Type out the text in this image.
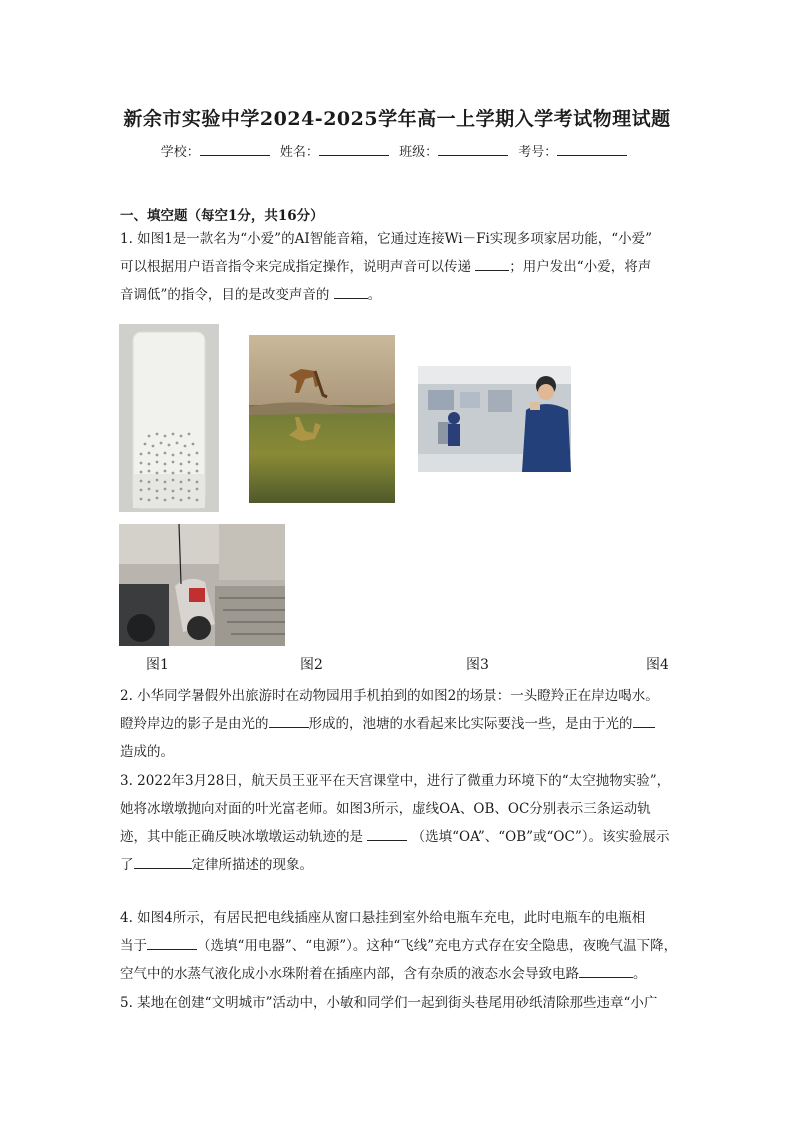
新余市实验中学2024-2025学年高一上学期入学考试物理试题
学校：	姓名：	班级：	考号：
一、填空题（每空1分，共16分）
1. 如图1是一款名为“小爱”的AI智能音箱，它通过连接Wi－Fi实现多项家居功能，“小爱”
可以根据用户语音指令来完成指定操作，说明声音可以传递	；用户发出“小爱，将声
音调低”的指令，目的是改变声音的	。
图1	图2	图3	图4
2. 小华同学暑假外出旅游时在动物园用手机拍到的如图2的场景：一头瞪羚正在岸边喝水。
瞪羚岸边的影子是由光的	形成的，池塘的水看起来比实际要浅一些，是由于光的
造成的。
3. 2022年3月28日，航天员王亚平在天宫课堂中，进行了微重力环境下的“太空抛物实验”，
她将冰墩墩抛向对面的叶光富老师。如图3所示，虚线OA、OB、OC分别表示三条运动轨
迹，其中能正确反映冰墩墩运动轨迹的是	（选填“OA”、“OB”或“OC”）。该实验展示
了	定律所描述的现象。
4. 如图4所示，有居民把电线插座从窗口悬挂到室外给电瓶车充电，此时电瓶车的电瓶相
当于	（选填“用电器”、“电源”）。这种“飞线”充电方式存在安全隐患，夜晚气温下降，
空气中的水蒸气液化成小水珠附着在插座内部，含有杂质的液态水会导致电路	。
5. 某地在创建“文明城市”活动中，小敏和同学们一起到街头巷尾用砂纸清除那些违章“小广
